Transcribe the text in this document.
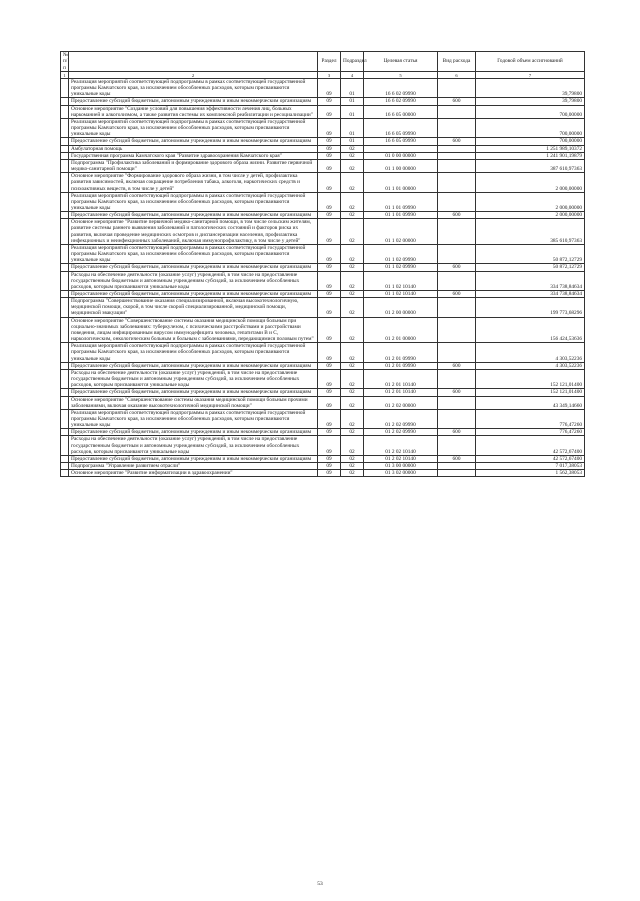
№ п/п		Раздел	Подраздел	Целевая статья	Вид расхода	Годовой объем ассигнований
1	2	3	4	5	6	7
	Реализация мероприятий соответствующей подпрограммы в рамках соответствующей государственной программы Камчатского края, за исключением обособленных расходов, которым присваиваются уникальные коды	09	01	16 6 02 09990		39,79800
	Предоставление субсидий бюджетным, автономным учреждениям и иным некоммерческим организациям	09	01	16 6 02 09990	600	39,79800
	Основное мероприятие "Создание условий для повышения эффективности лечения лиц, больных наркоманией и алкоголизмом, а также развития системы их комплексной реабилитации и ресоциализации"	09	01	16 6 05 00000		700,00000
	Реализация мероприятий соответствующей подпрограммы в рамках соответствующей государственной программы Камчатского края, за исключением обособленных расходов, которым присваиваются уникальные коды	09	01	16 6 05 09990		700,00000
	Предоставление субсидий бюджетным, автономным учреждениям и иным некоммерческим организациям	09	01	16 6 05 09990	600	700,00000
	Амбулаторная помощь	09	02			1 251 989,10372
	Государственная программа Камчатского края "Развитие здравоохранения Камчатского края"	09	02	01 0 00 00000		1 241 901,19879
	Подпрограмма "Профилактика заболеваний и формирование здорового образа жизни. Развитие первичной медико-санитарной помощи"	09	02	01 1 00 00000		387 610,97363
	Основное мероприятие "Формирование здорового образа жизни, в том числе у детей, профилактика развития зависимостей, включая сокращение потребления табака, алкоголя, наркотических средств и психоактивных веществ, в том числе у детей"	09	02	01 1 01 00000		2 000,00000
	Реализация мероприятий соответствующей подпрограммы в рамках соответствующей государственной программы Камчатского края, за исключением обособленных расходов, которым присваиваются уникальные коды	09	02	01 1 01 09990		2 000,00000
	Предоставление субсидий бюджетным, автономным учреждениям и иным некоммерческим организациям	09	02	01 1 01 09990	600	2 000,00000
	Основное мероприятие "Развитие первичной медико-санитарной помощи, в том числе сельским жителям, развитие системы раннего выявления заболеваний и патологических состояний и факторов риска их развития, включая проведение медицинских осмотров и диспансеризации населения, профилактика инфекционных и неинфекционных заболеваний, включая иммунопрофилактику, в том числе у детей"	09	02	01 1 02 00000		385 610,97363
	Реализация мероприятий соответствующей подпрограммы в рамках соответствующей государственной программы Камчатского края, за исключением обособленных расходов, которым присваиваются уникальные коды	09	02	01 1 02 09990		50 872,12729
	Предоставление субсидий бюджетным, автономным учреждениям и иным некоммерческим организациям	09	02	01 1 02 09990	600	50 872,12729
	Расходы на обеспечение деятельности (оказание услуг) учреждений, в том числе на предоставление государственным бюджетным и автономным учреждениям субсидий, за исключением обособленных расходов, которым присваиваются уникальные коды	09	02	01 1 02 10140		334 738,84634
	Предоставление субсидий бюджетным, автономным учреждениям и иным некоммерческим организациям	09	02	01 1 02 10140	600	334 738,84634
	Подпрограмма "Совершенствование оказания специализированной, включая высокотехнологичную, медицинской помощи, скорой, в том числе скорой специализированной, медицинской помощи, медицинской эвакуации"	09	02	01 2 00 00000		199 773,68296
	Основное мероприятие "Совершенствование системы оказания медицинской помощи больным при социально-значимых заболеваниях: туберкулезом, с психическими расстройствами и расстройствами поведения, лицам инфицированным вирусом иммунодефицита человека, гепатитами В и С, наркологическим, онкологическим больным и больным с заболеваниями, передающимися половым путем"	09	02	01 2 01 00000		156 424,53636
	Реализация мероприятий соответствующей подпрограммы в рамках соответствующей государственной программы Камчатского края, за исключением обособленных расходов, которым присваиваются уникальные коды	09	02	01 2 01 09990		4 303,52236
	Предоставление субсидий бюджетным, автономным учреждениям и иным некоммерческим организациям	09	02	01 2 01 09990	600	4 303,52236
	Расходы на обеспечение деятельности (оказание услуг) учреждений, в том числе на предоставление государственным бюджетным и автономным учреждениям субсидий, за исключением обособленных расходов, которым присваиваются уникальные коды	09	02	01 2 01 10140		152 121,01400
	Предоставление субсидий бюджетным, автономным учреждениям и иным некоммерческим организациям	09	02	01 2 01 10140	600	152 121,01400
	Основное мероприятие "Совершенствование системы оказания медицинской помощи больным прочими заболеваниями, включая оказание высокотехнологичной медицинской помощи"	09	02	01 2 02 00000		43 349,14660
	Реализация мероприятий соответствующей подпрограммы в рамках соответствующей государственной программы Камчатского края, за исключением обособленных расходов, которым присваиваются уникальные коды	09	02	01 2 02 09990		776,47260
	Предоставление субсидий бюджетным, автономным учреждениям и иным некоммерческим организациям	09	02	01 2 02 09990	600	776,47260
	Расходы на обеспечение деятельности (оказание услуг) учреждений, в том числе на предоставление государственным бюджетным и автономным учреждениям субсидий, за исключением обособленных расходов, которым присваиваются уникальные коды	09	02	01 2 02 10140		42 572,67400
	Предоставление субсидий бюджетным, автономным учреждениям и иным некоммерческим организациям	09	02	01 2 02 10140	600	42 572,67400
	Подпрограмма "Управление развитием отрасли"	09	02	01 3 00 00000		7 017,38053
	Основное мероприятие "Развитие информатизации в здравоохранении"	09	02	01 3 02 00000		1 562,38053
53
